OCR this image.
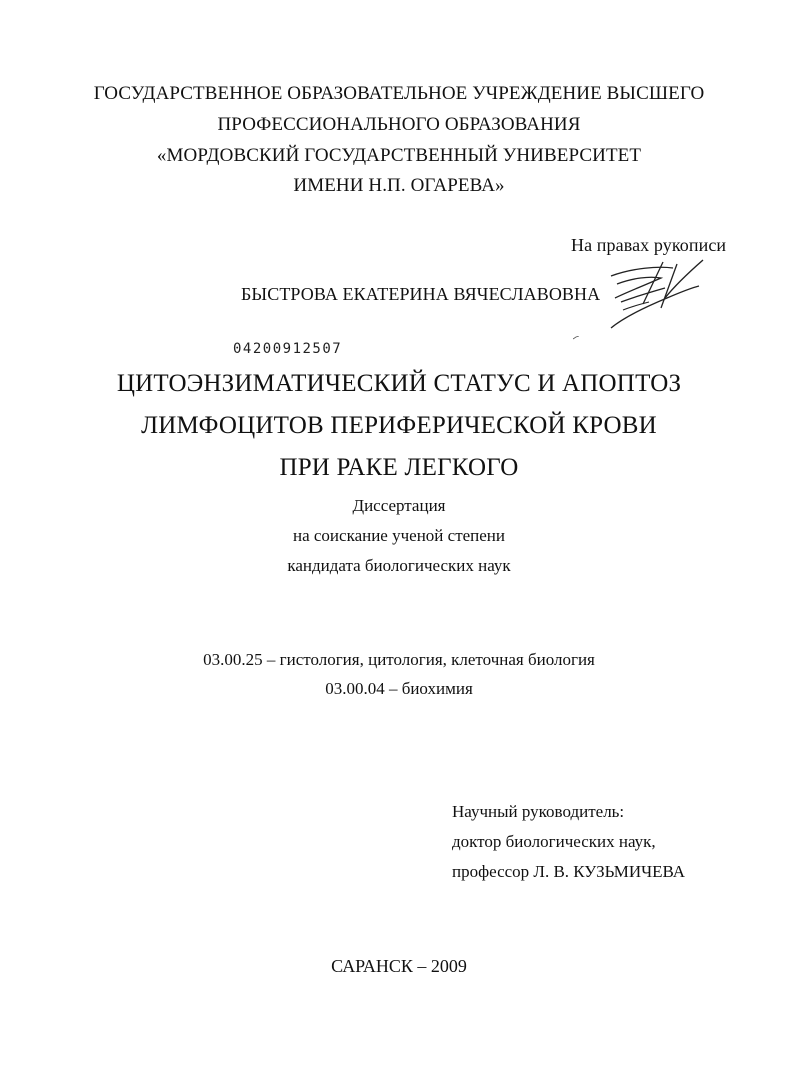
ГОСУДАРСТВЕННОЕ ОБРАЗОВАТЕЛЬНОЕ УЧРЕЖДЕНИЕ ВЫСШЕГО
ПРОФЕССИОНАЛЬНОГО ОБРАЗОВАНИЯ
«МОРДОВСКИЙ ГОСУДАРСТВЕННЫЙ УНИВЕРСИТЕТ
ИМЕНИ Н.П. ОГАРЕВА»
На правах рукописи
БЫСТРОВА ЕКАТЕРИНА ВЯЧЕСЛАВОВНА
04200912507
ЦИТОЭНЗИМАТИЧЕСКИЙ СТАТУС И АПОПТОЗ
ЛИМФОЦИТОВ ПЕРИФЕРИЧЕСКОЙ КРОВИ
ПРИ РАКЕ ЛЕГКОГО
Диссертация
на соискание ученой степени
кандидата биологических наук
03.00.25 – гистология, цитология, клеточная биология
03.00.04 – биохимия
Научный руководитель:
доктор биологических наук,
профессор Л. В. КУЗЬМИЧЕВА
САРАНСК – 2009
